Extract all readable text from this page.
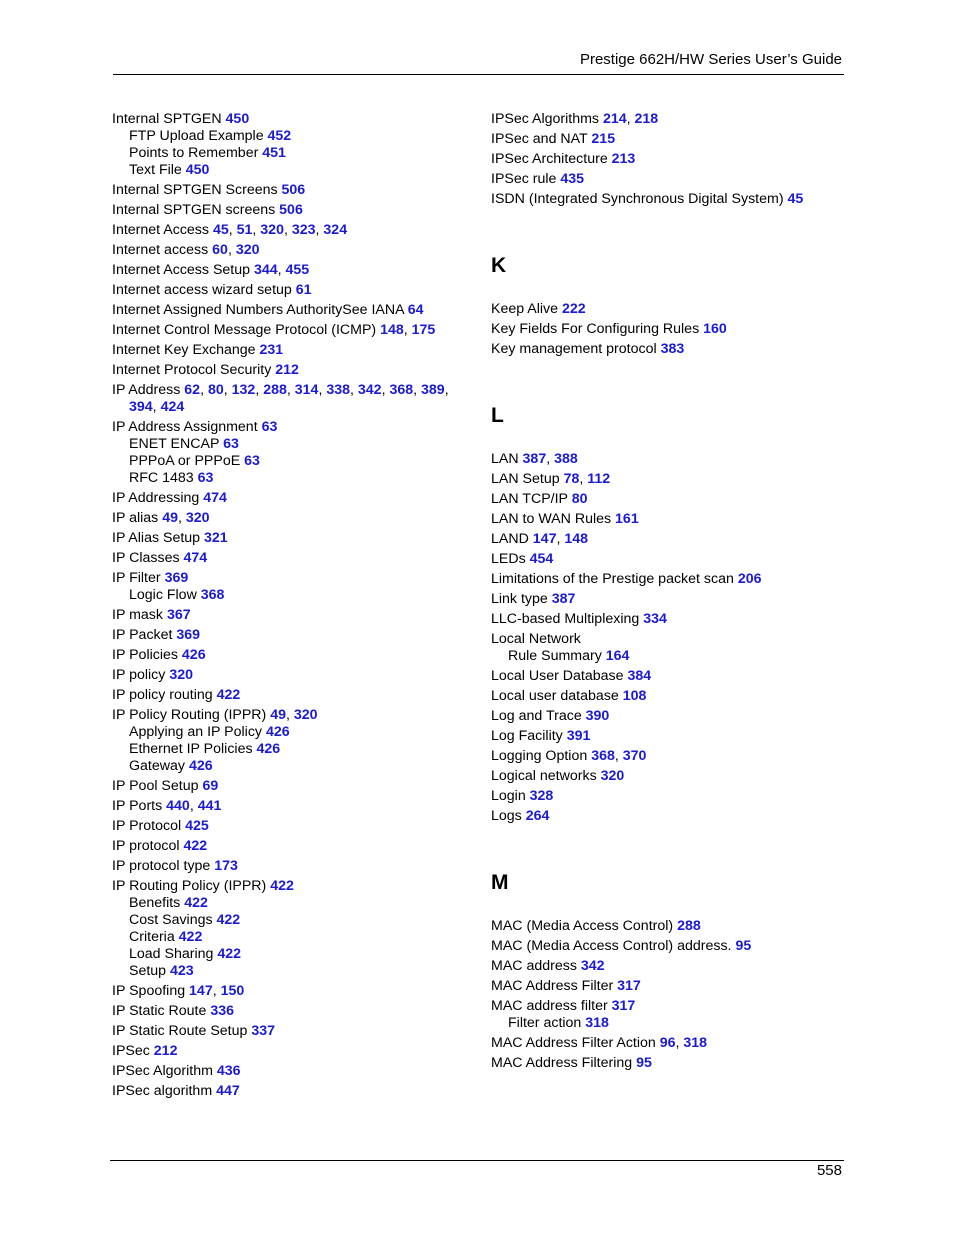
Prestige 662H/HW Series User’s Guide
Internal SPTGEN 450
FTP Upload Example 452
Points to Remember 451
Text File 450
Internal SPTGEN Screens 506
Internal SPTGEN screens 506
Internet Access 45, 51, 320, 323, 324
Internet access 60, 320
Internet Access Setup 344, 455
Internet access wizard setup 61
Internet Assigned Numbers AuthoritySee IANA 64
Internet Control Message Protocol (ICMP) 148, 175
Internet Key Exchange 231
Internet Protocol Security 212
IP Address 62, 80, 132, 288, 314, 338, 342, 368, 389,
394, 424
IP Address Assignment 63
ENET ENCAP 63
PPPoA or PPPoE 63
RFC 1483 63
IP Addressing 474
IP alias 49, 320
IP Alias Setup 321
IP Classes 474
IP Filter 369
Logic Flow 368
IP mask 367
IP Packet 369
IP Policies 426
IP policy 320
IP policy routing 422
IP Policy Routing (IPPR) 49, 320
Applying an IP Policy 426
Ethernet IP Policies 426
Gateway 426
IP Pool Setup 69
IP Ports 440, 441
IP Protocol 425
IP protocol 422
IP protocol type 173
IP Routing Policy (IPPR) 422
Benefits 422
Cost Savings 422
Criteria 422
Load Sharing 422
Setup 423
IP Spoofing 147, 150
IP Static Route 336
IP Static Route Setup 337
IPSec 212
IPSec Algorithm 436
IPSec algorithm 447
IPSec Algorithms 214, 218
IPSec and NAT 215
IPSec Architecture 213
IPSec rule 435
ISDN (Integrated Synchronous Digital System) 45
K
Keep Alive 222
Key Fields For Configuring Rules 160
Key management protocol 383
L
LAN 387, 388
LAN Setup 78, 112
LAN TCP/IP 80
LAN to WAN Rules 161
LAND 147, 148
LEDs 454
Limitations of the Prestige packet scan 206
Link type 387
LLC-based Multiplexing 334
Local Network
Rule Summary 164
Local User Database 384
Local user database 108
Log and Trace 390
Log Facility 391
Logging Option 368, 370
Logical networks 320
Login 328
Logs 264
M
MAC (Media Access Control) 288
MAC (Media Access Control) address. 95
MAC address 342
MAC Address Filter 317
MAC address filter 317
Filter action 318
MAC Address Filter Action 96, 318
MAC Address Filtering 95
558
